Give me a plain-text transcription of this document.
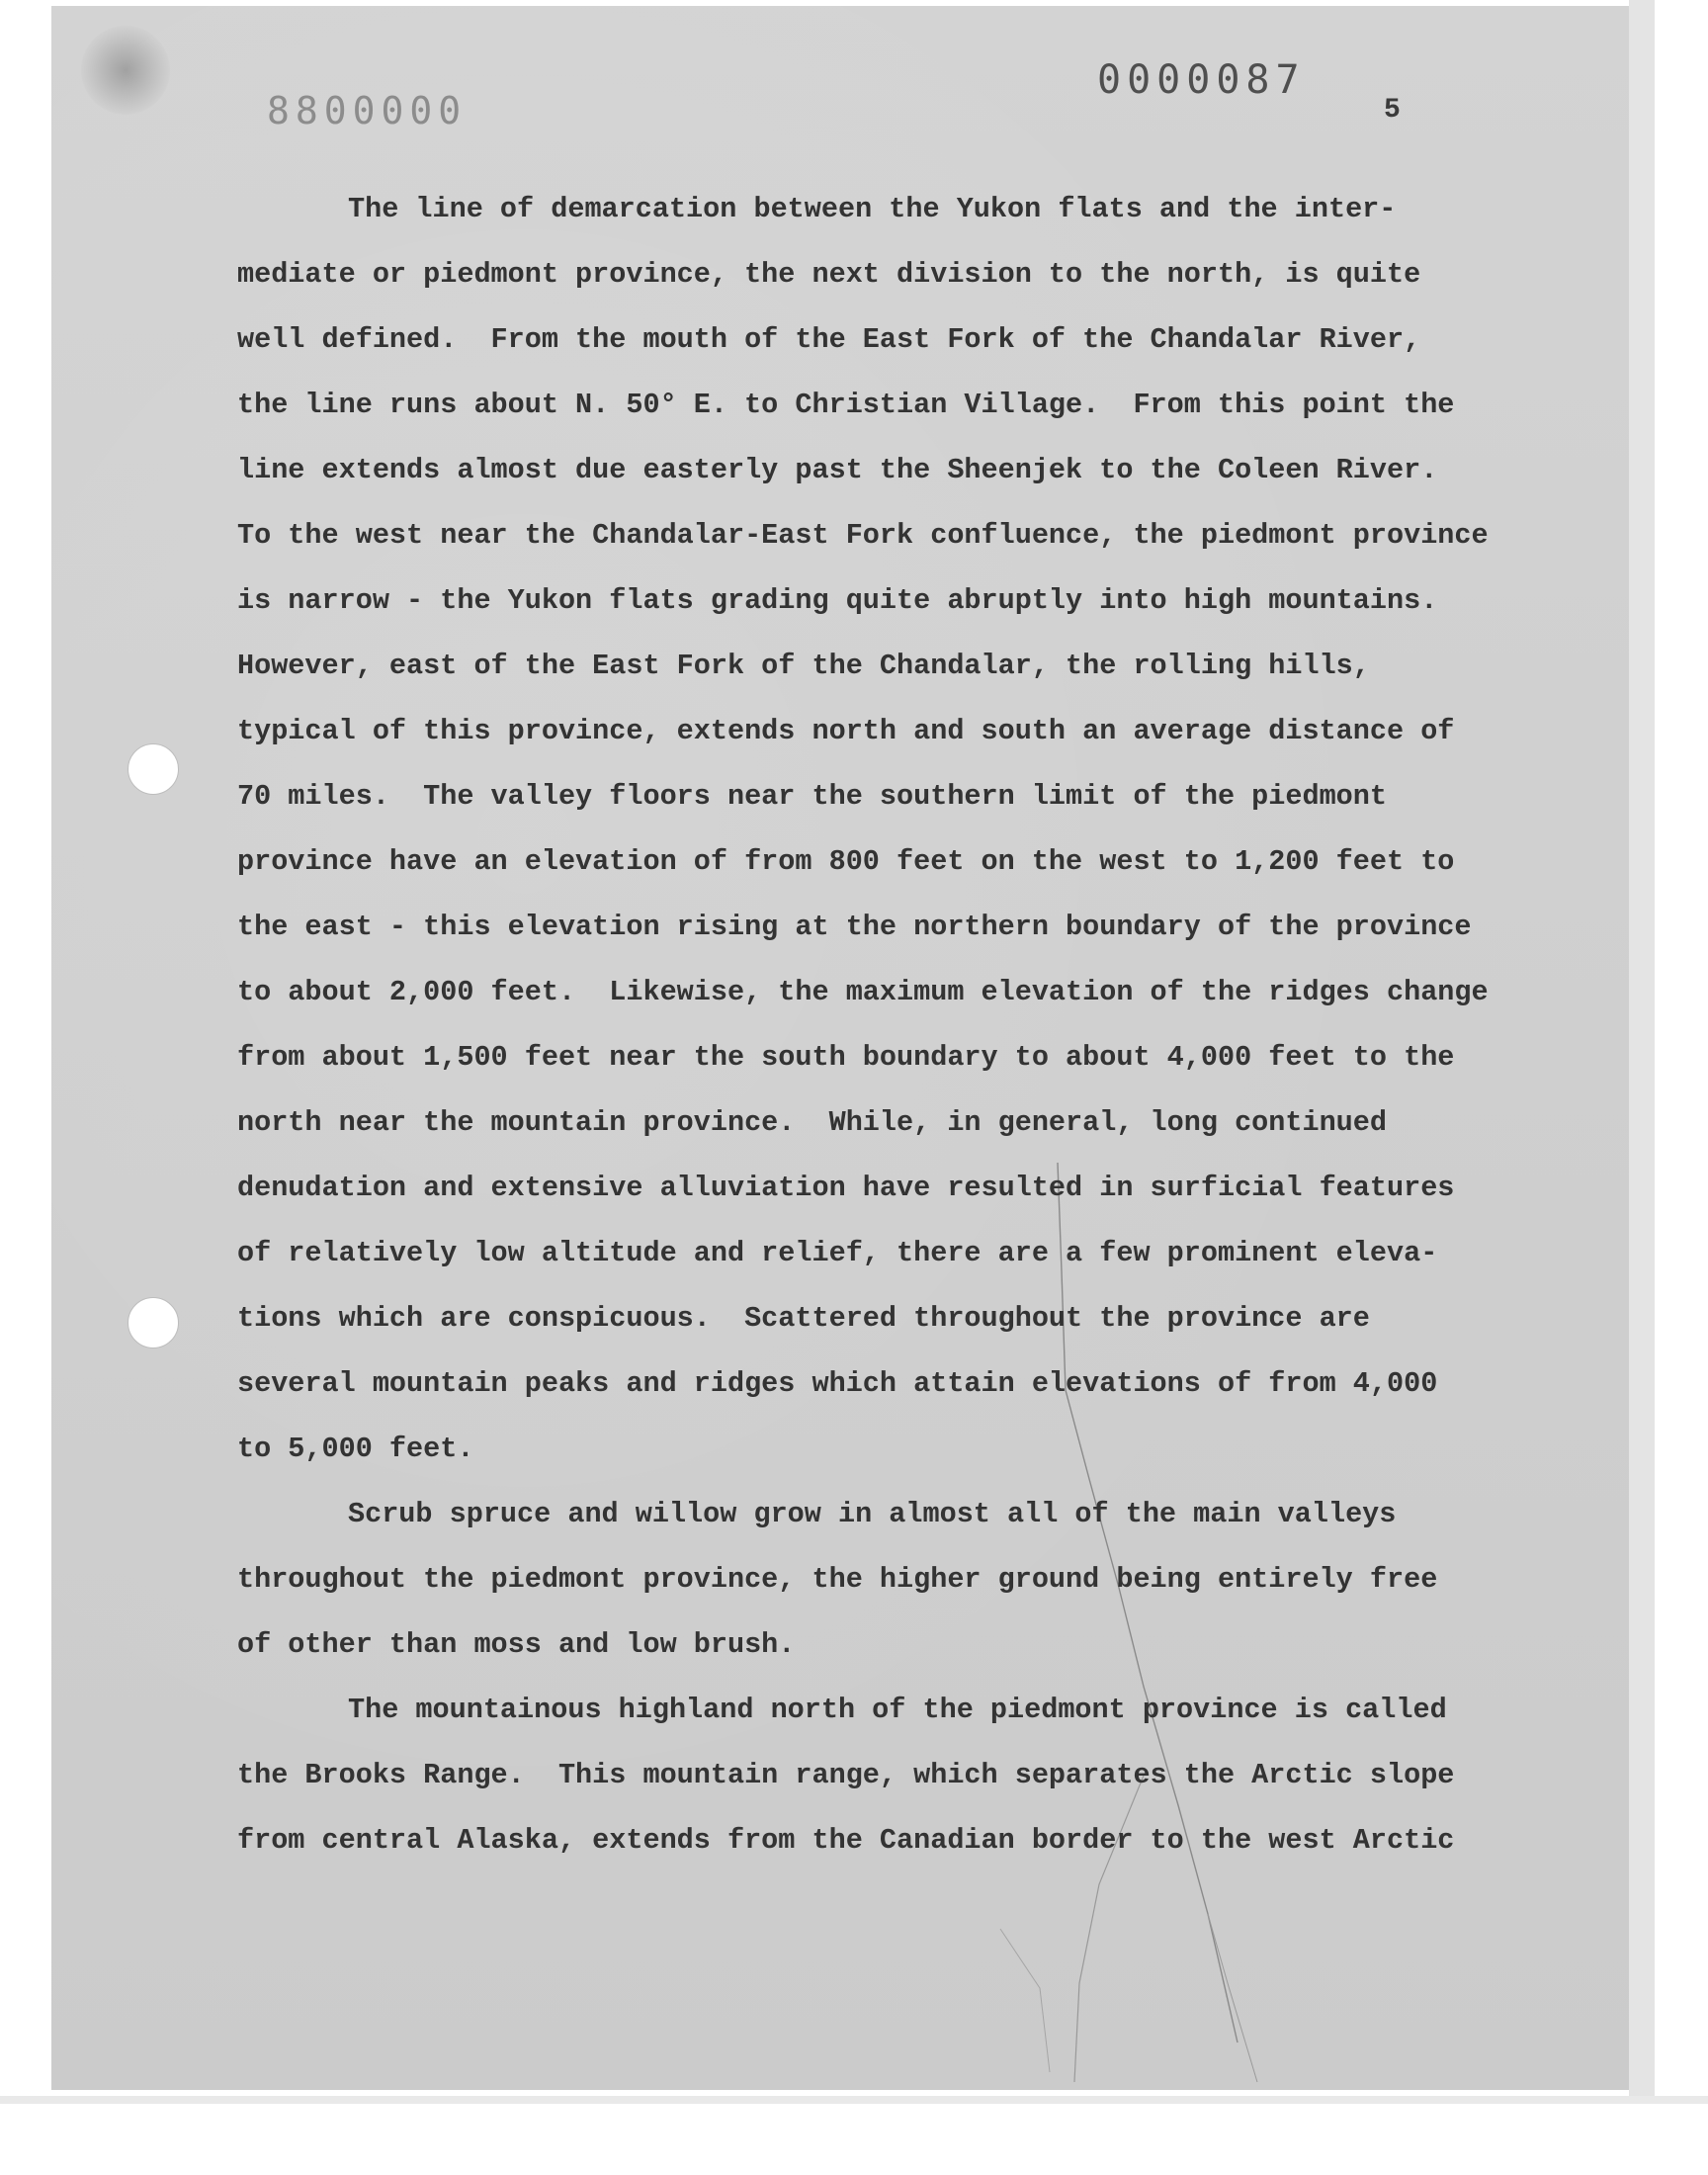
8800000
0000087
5
The line of demarcation between the Yukon flats and the inter-
mediate or piedmont province, the next division to the north, is quite
well defined.  From the mouth of the East Fork of the Chandalar River,
the line runs about N. 50° E. to Christian Village.  From this point the
line extends almost due easterly past the Sheenjek to the Coleen River.
To the west near the Chandalar-East Fork confluence, the piedmont province
is narrow - the Yukon flats grading quite abruptly into high mountains.
However, east of the East Fork of the Chandalar, the rolling hills,
typical of this province, extends north and south an average distance of
70 miles.  The valley floors near the southern limit of the piedmont
province have an elevation of from 800 feet on the west to 1,200 feet to
the east - this elevation rising at the northern boundary of the province
to about 2,000 feet.  Likewise, the maximum elevation of the ridges change
from about 1,500 feet near the south boundary to about 4,000 feet to the
north near the mountain province.  While, in general, long continued
denudation and extensive alluviation have resulted in surficial features
of relatively low altitude and relief, there are a few prominent eleva-
tions which are conspicuous.  Scattered throughout the province are
several mountain peaks and ridges which attain elevations of from 4,000
to 5,000 feet.
Scrub spruce and willow grow in almost all of the main valleys
throughout the piedmont province, the higher ground being entirely free
of other than moss and low brush.
The mountainous highland north of the piedmont province is called
the Brooks Range.  This mountain range, which separates the Arctic slope
from central Alaska, extends from the Canadian border to the west Arctic
